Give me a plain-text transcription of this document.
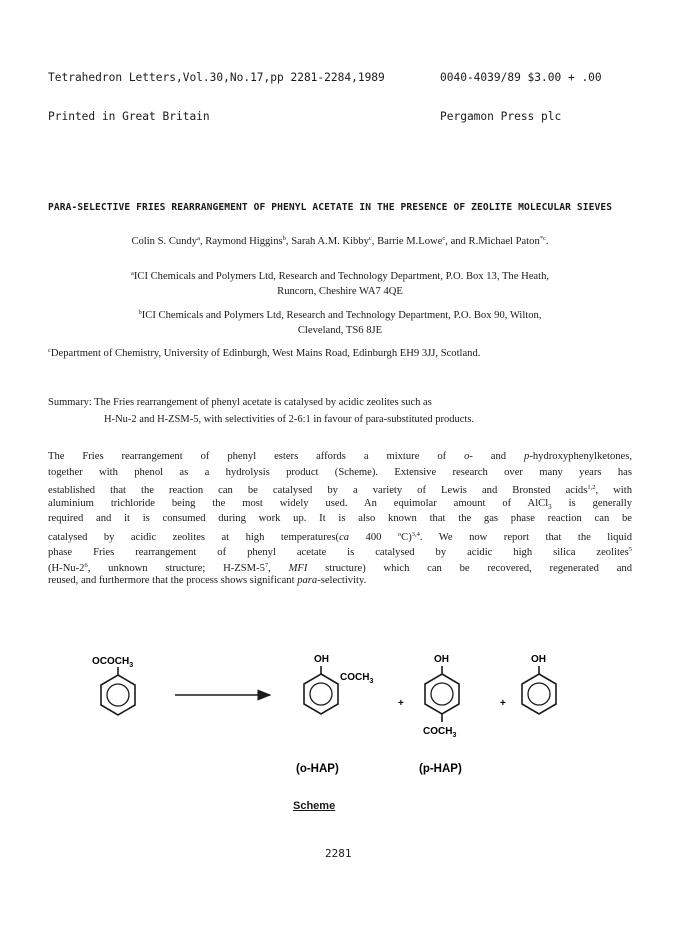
Tetrahedron Letters,Vol.30,No.17,pp 2281-2284,1989

Printed in Great Britain

0040-4039/89 $3.00 + .00

Pergamon Press plc

PARA-SELECTIVE FRIES REARRANGEMENT OF PHENYL ACETATE IN THE PRESENCE OF ZEOLITE MOLECULAR SIEVES
Colin S. Cundy$^a$, Raymond Higgins$^b$, Sarah A.M. Kibby$^c$, Barrie M.Lowe$^c$, and R.Michael Paton$^{*c}$.
$^a$ICI Chemicals and Polymers Ltd, Research and Technology Department, P.O. Box 13, The Heath,
Runcorn, Cheshire WA7 4QE
$^b$ICI Chemicals and Polymers Ltd, Research and Technology Department, P.O. Box 90, Wilton,
Cleveland, TS6 8JE
$^c$Department of Chemistry, University of Edinburgh, West Mains Road, Edinburgh EH9 3JJ, Scotland.
Summary: The Fries rearrangement of phenyl acetate is catalysed by acidic zeolites such as
H-Nu-2 and H-ZSM-5, with selectivities of 2-6:1 in favour of para-substituted products.
The Fries rearrangement of phenyl esters affords a mixture of o- and p-hydroxyphenylketones,
together with phenol as a hydrolysis product (Scheme). Extensive research over many years has
established that the reaction can be catalysed by a variety of Lewis and Bronsted acids$^{1,2}$, with
aluminium trichloride being the most widely used. An equimolar amount of AlCl$_3$ is generally
required and it is consumed during work up. It is also known that the gas phase reaction can be
catalysed by acidic zeolites at high temperatures(ca 400 $^o$C)$^{3,4}$. We now report that the liquid
phase Fries rearrangement of phenyl acetate is catalysed by acidic high silica zeolites$^5$
($H-Nu-2^6$, unknown structure; $H-ZSM-5^7$, MFI structure) which can be recovered, regenerated and
reused, and furthermore that the process shows significant para-selectivity.
$OCOCH_3$
OH
$COCH_3$
+
OH
$COCH_3$
+
OH
(o-HAP)	(p-HAP)
Scheme
2281
